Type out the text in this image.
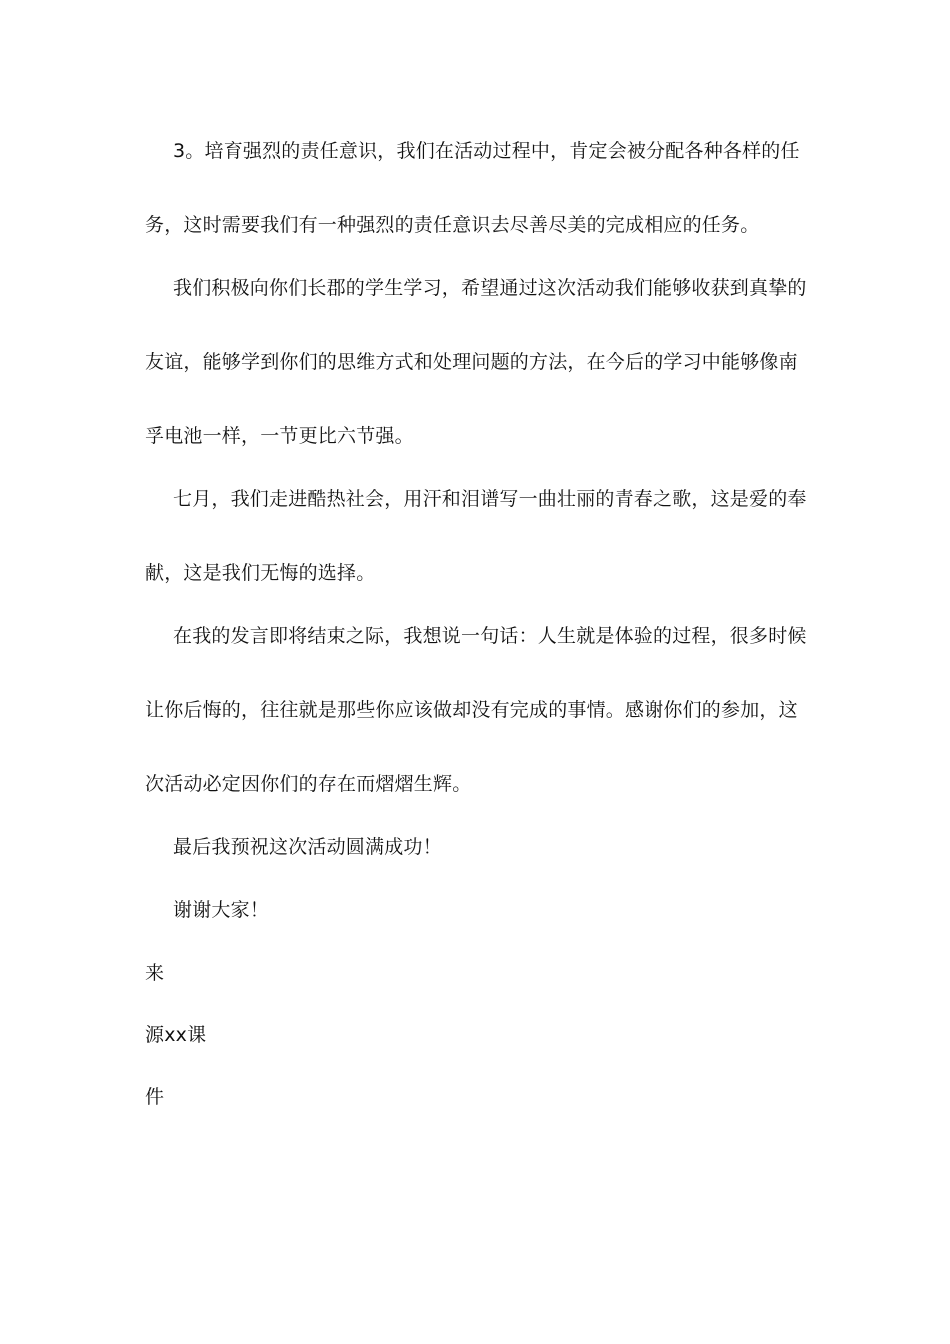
3。培育强烈的责任意识，我们在活动过程中，肯定会被分配各种各样的任
务，这时需要我们有一种强烈的责任意识去尽善尽美的完成相应的任务。
我们积极向你们长郡的学生学习，希望通过这次活动我们能够收获到真挚的
友谊，能够学到你们的思维方式和处理问题的方法，在今后的学习中能够像南
孚电池一样，一节更比六节强。
七月，我们走进酷热社会，用汗和泪谱写一曲壮丽的青春之歌，这是爱的奉
献，这是我们无悔的选择。
在我的发言即将结束之际，我想说一句话：人生就是体验的过程，很多时候
让你后悔的，往往就是那些你应该做却没有完成的事情。感谢你们的参加，这
次活动必定因你们的存在而熠熠生辉。
最后我预祝这次活动圆满成功！
谢谢大家！
来
源xx课
件
